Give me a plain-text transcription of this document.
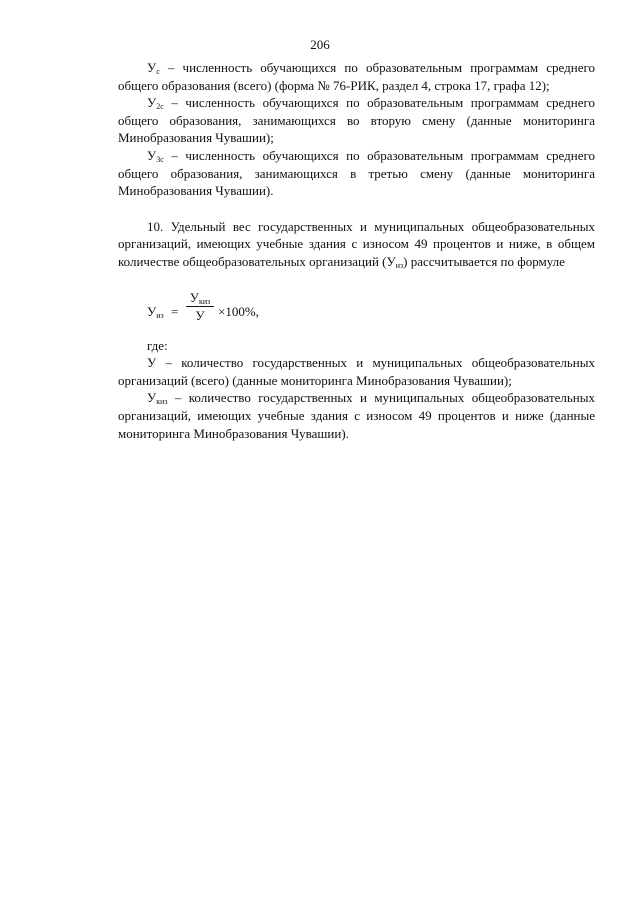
206

$У_с$ – численность обучающихся по образовательным программам среднего общего образования (всего) (форма № 76-РИК, раздел 4, строка 17, графа 12);

$У_{2с}$ – численность обучающихся по образовательным программам среднего общего образования, занимающихся во вторую смену (данные мониторинга Минобразования Чувашии);

$У_{3с}$ – численность обучающихся по образовательным программам среднего общего образования, занимающихся в третью смену (данные мониторинга Минобразования Чувашии).

10. Удельный вес государственных и муниципальных общеобразовательных организаций, имеющих учебные здания с износом 49 процентов и ниже, в общем количестве общеобразовательных организаций $(У_{из})$ рассчитывается по формуле

$У_{из}$ =
$У_{киз}$
У	×100%,

где:

У – количество государственных и муниципальных общеобразовательных организаций (всего) (данные мониторинга Минобразования Чувашии);

$У_{киз}$ – количество государственных и муниципальных общеобразовательных организаций, имеющих учебные здания с износом 49 процентов и ниже (данные мониторинга Минобразования Чувашии).
